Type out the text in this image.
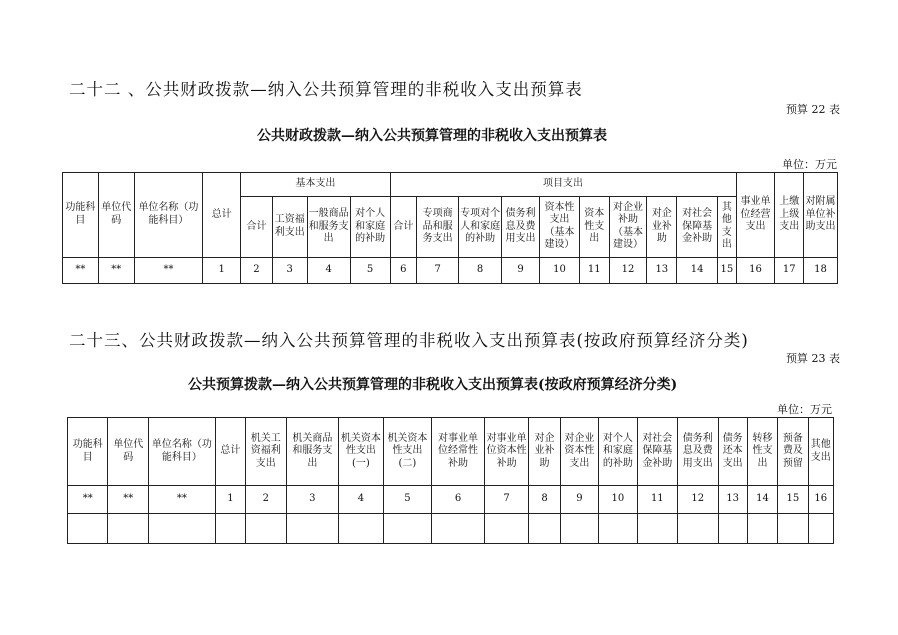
二十二 、公共财政拨款—纳入公共预算管理的非税收入支出预算表
预算 22 表
公共财政拨款—纳入公共预算管理的非税收入支出预算表
单位：万元
功能科目	单位代码	单位名称（功能科目）	总计	基本支出				项目支出										事业单位经营支出	上缴上级支出	对附属单位补助支出
				合计	工资福利支出	一般商品和服务支出	对个人和家庭的补助	合计	专项商品和服务支出	专项对个人和家庭的补助	债务利息及费用支出	资本性支出（基本建设）	资本性支出	对企业补助（基本建设）	对企业补助	对社会保障基金补助	其他支出			
**	**	**	1	2	3	4	5	6	7	8	9	10	11	12	13	14	15	16	17	18
二十三、公共财政拨款—纳入公共预算管理的非税收入支出预算表(按政府预算经济分类)
预算 23 表
公共预算拨款—纳入公共预算管理的非税收入支出预算表(按政府预算经济分类)
单位：万元
功能科目	单位代码	单位名称（功能科目）	总计	机关工资福利支出	机关商品和服务支出	机关资本性支出(一)	机关资本性支出(二)	对事业单位经常性补助	对事业单位资本性补助	对企业补助	对企业资本性支出	对个人和家庭的补助	对社会保障基金补助	债务利息及费用支出	债务还本支出	转移性支出	预备费及预留	其他支出
**	**	**	1	2	3	4	5	6	7	8	9	10	11	12	13	14	15	16
